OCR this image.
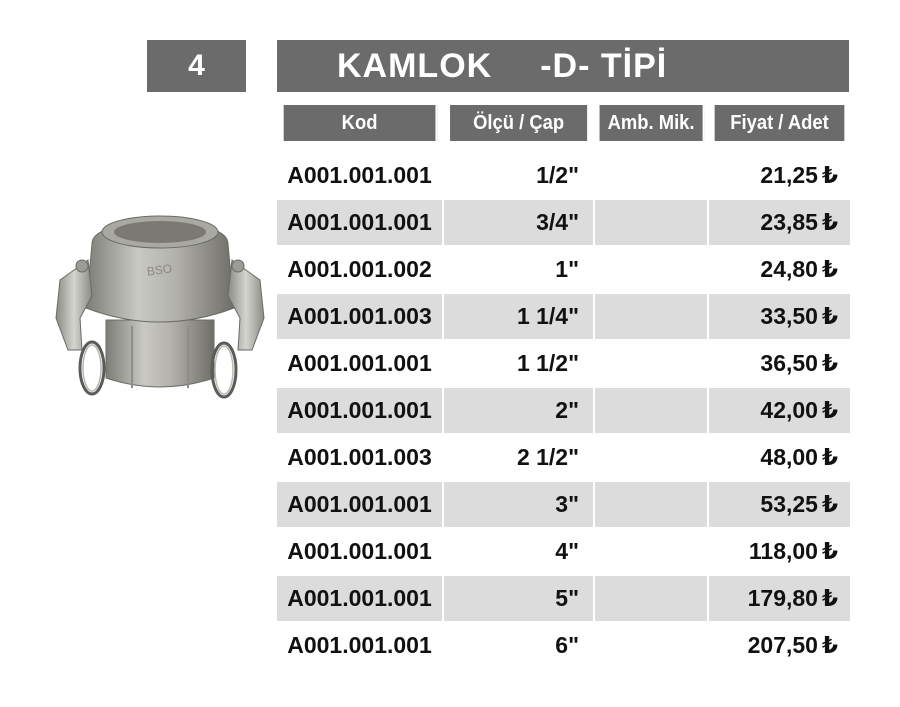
4	KAMLOK -D- TİPİ
BSO
Kod	Ölçü / Çap	Amb. Mik.	Fiyat / Adet

A001.001.001	1/2"		21,25 ₺
A001.001.001	3/4"		23,85 ₺
A001.001.002	1"		24,80 ₺
A001.001.003	1 1/4"		33,50 ₺
A001.001.001	1 1/2"		36,50 ₺
A001.001.001	2"		42,00 ₺
A001.001.003	2 1/2"		48,00 ₺
A001.001.001	3"		53,25 ₺
A001.001.001	4"		118,00 ₺
A001.001.001	5"		179,80 ₺
A001.001.001	6"		207,50 ₺
